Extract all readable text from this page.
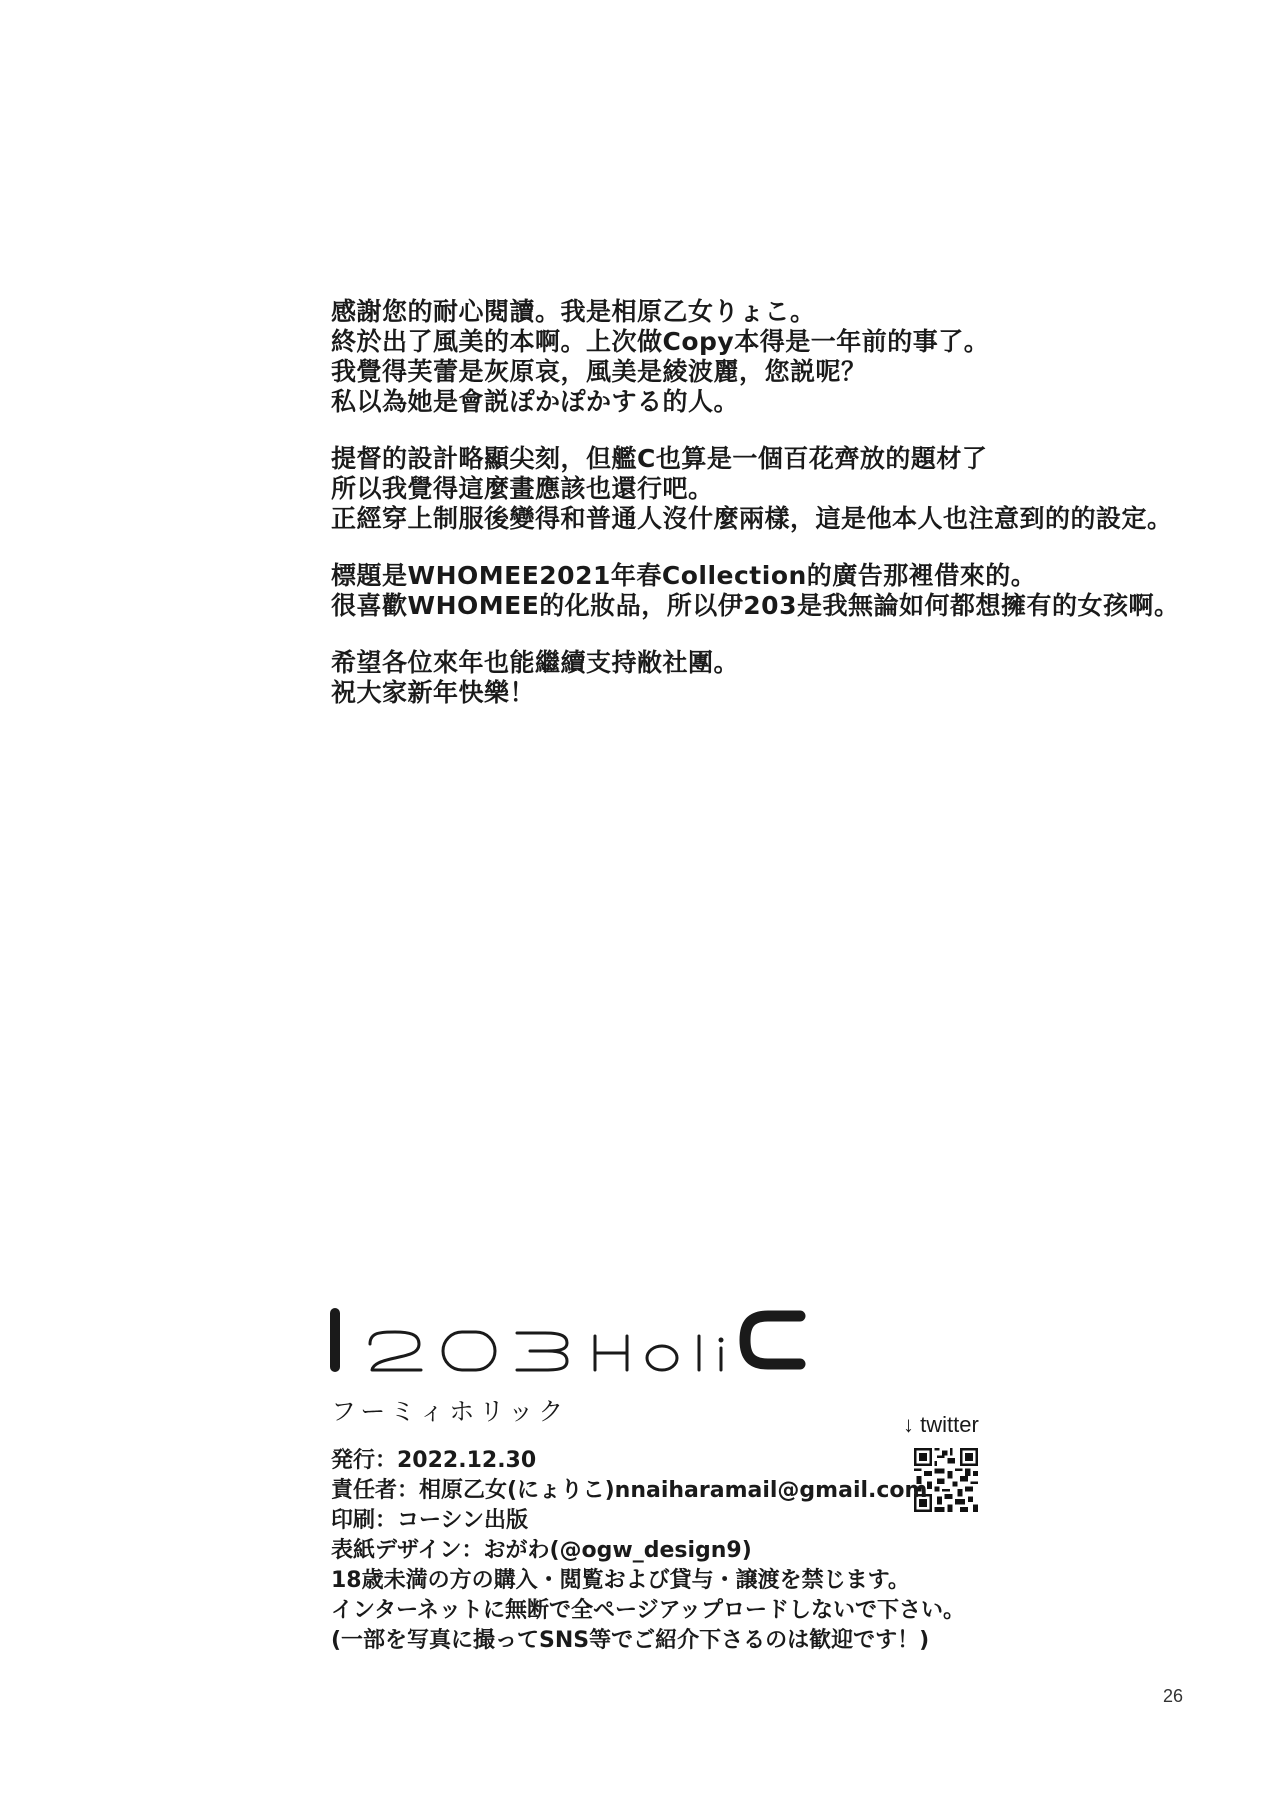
感謝您的耐心閱讀。我是相原乙女りょこ。
終於出了風美的本啊。上次做Copy本得是一年前的事了。
我覺得芙蕾是灰原哀，風美是綾波麗，您説呢？
私以為她是會説ぽかぽかする的人。
提督的設計略顯尖刻，但艦C也算是一個百花齊放的題材了
所以我覺得這麼畫應該也還行吧。
正經穿上制服後變得和普通人沒什麼兩樣，這是他本人也注意到的的設定。
標題是WHOMEE2021年春Collection的廣告那裡借來的。
很喜歡WHOMEE的化妝品，所以伊203是我無論如何都想擁有的女孩啊。
希望各位來年也能繼續支持敝社團。
祝大家新年快樂！
フーミィホリック	↓ twitter
発行：2022.12.30
責任者：相原乙女(にょりこ)nnaiharamail@gmail.com
印刷：コーシン出版
表紙デザイン：おがわ(@ogw_design9)
18歳未満の方の購入・閲覧および貸与・譲渡を禁じます。
インターネットに無断で全ページアップロードしないで下さい。
(一部を写真に撮ってSNS等でご紹介下さるのは歓迎です！)
26
